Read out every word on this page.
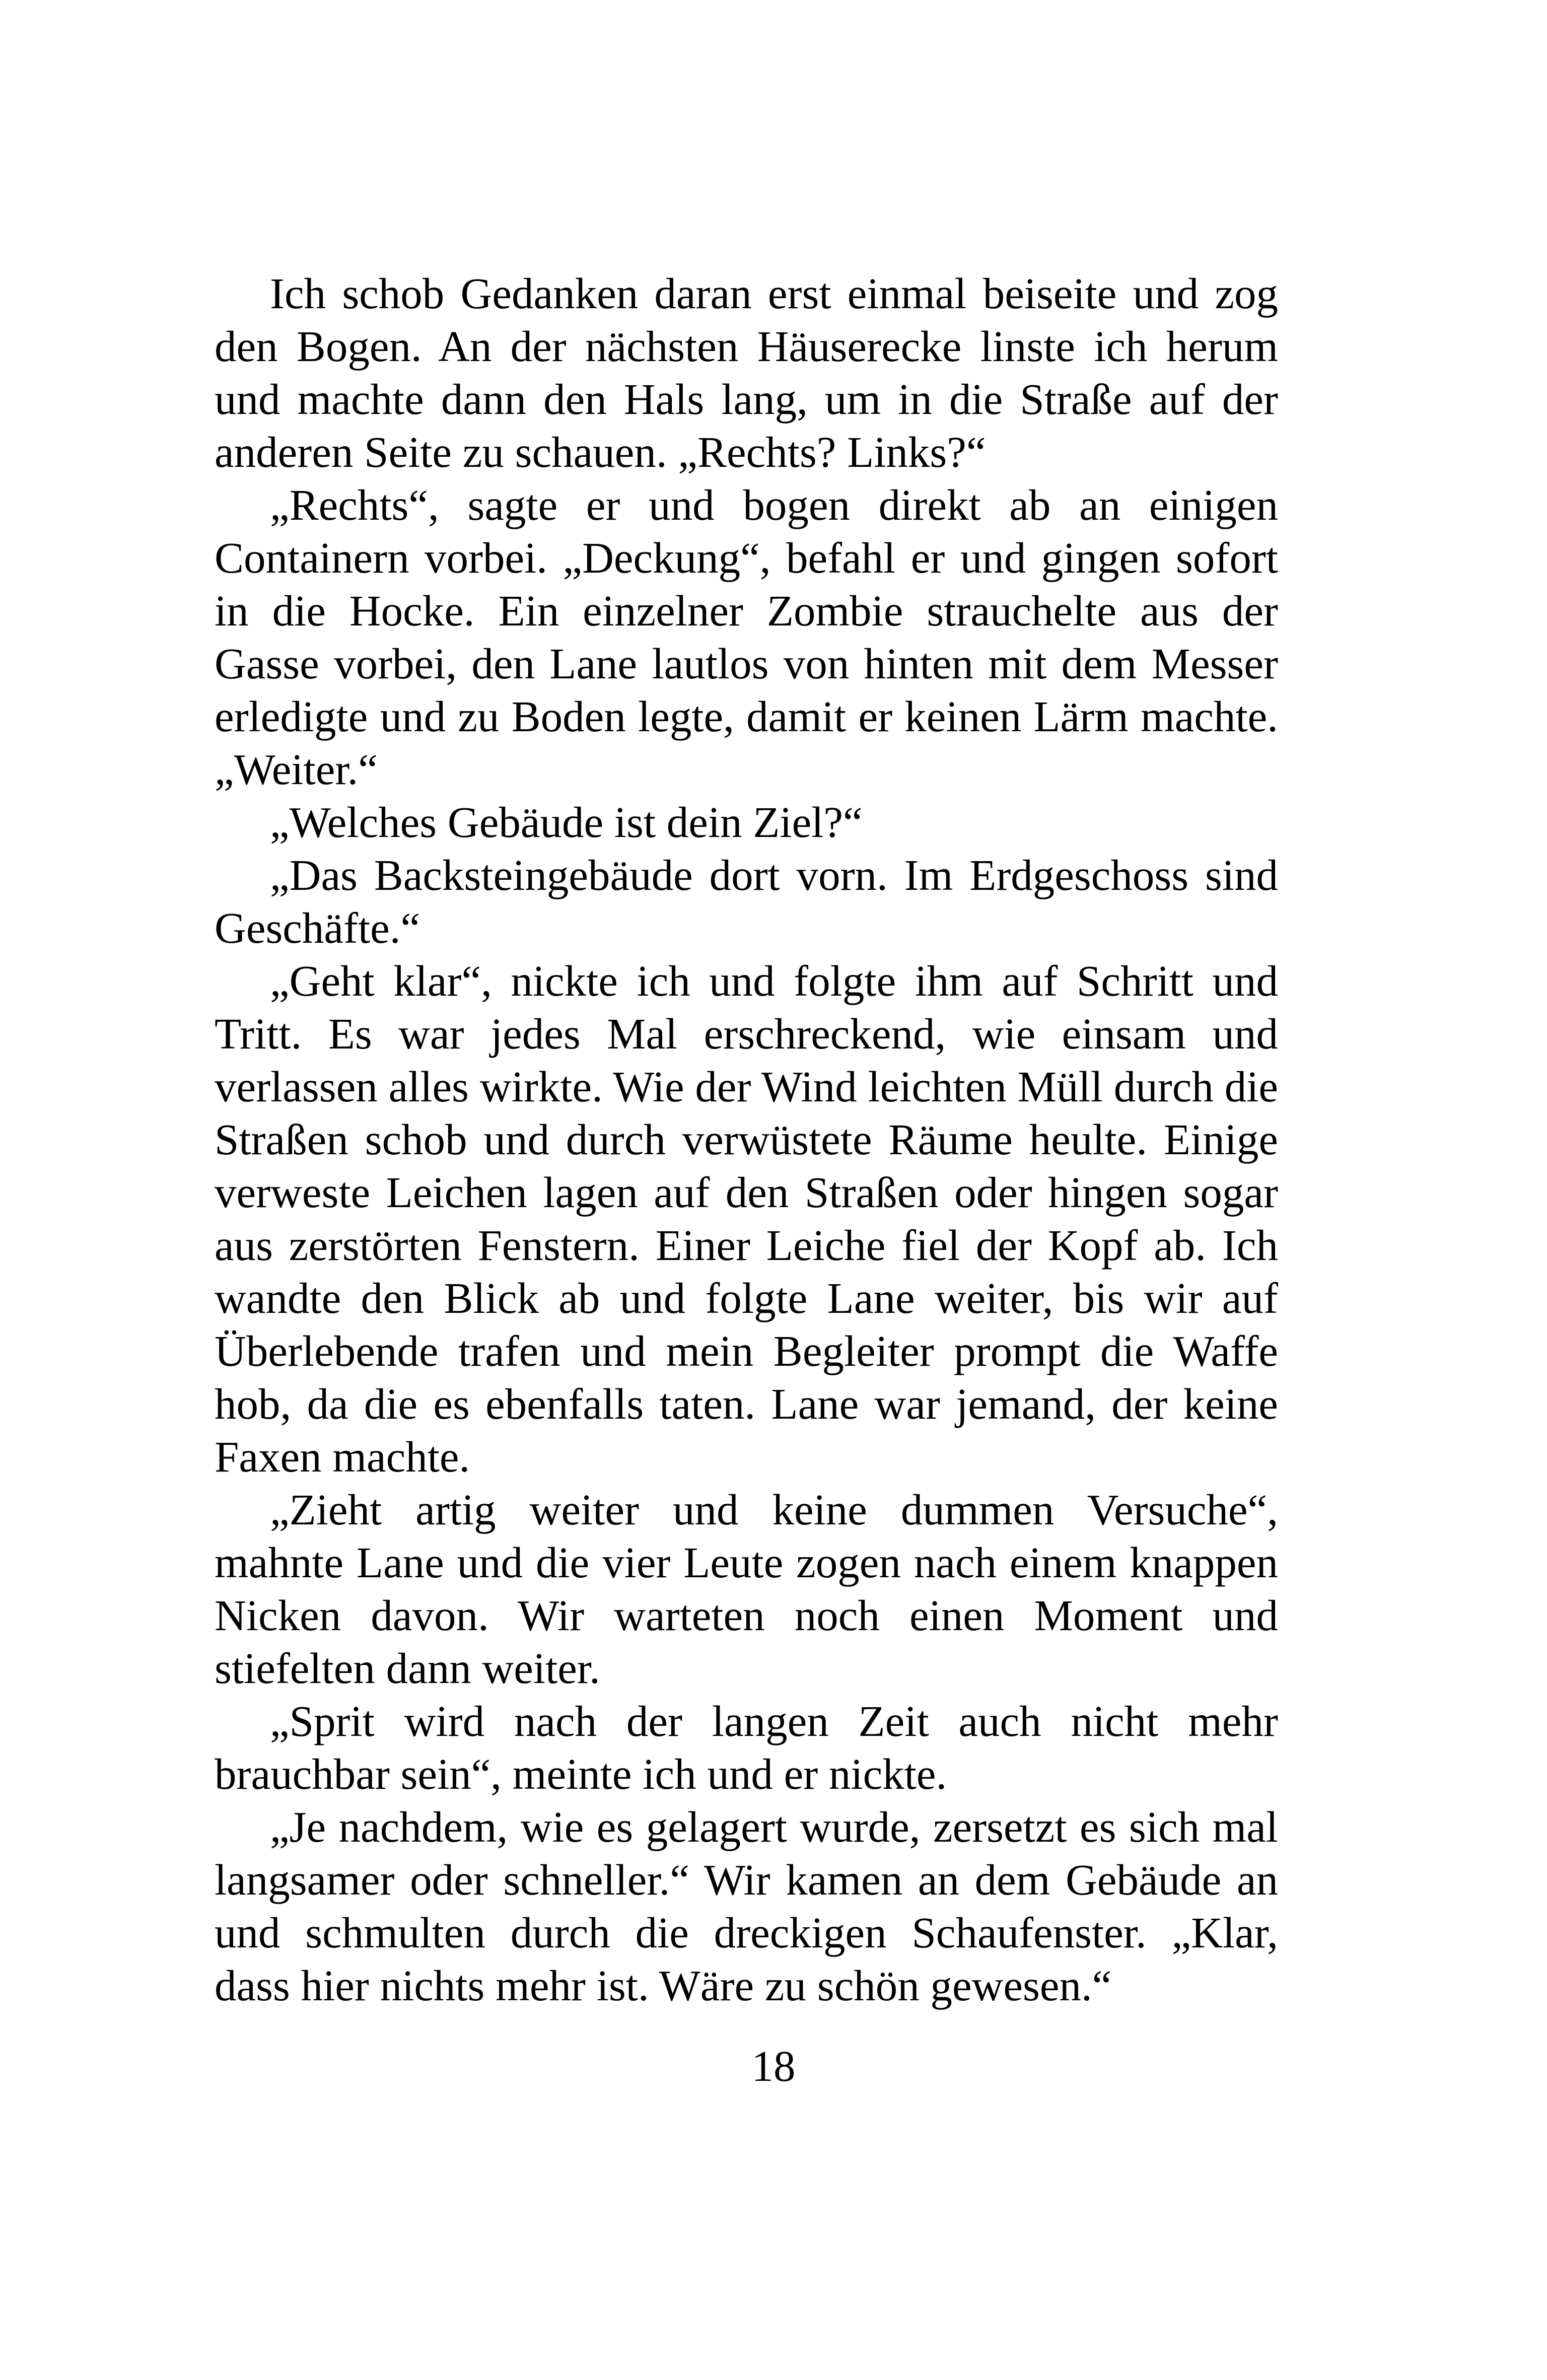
Ich schob Gedanken daran erst einmal beiseite und zog den Bogen. An der nächsten Häuserecke linste ich herum und machte dann den Hals lang, um in die Straße auf der anderen Seite zu schauen. „Rechts? Links?“

„Rechts“, sagte er und bogen direkt ab an einigen Containern vorbei. „Deckung“, befahl er und gingen sofort in die Hocke. Ein einzelner Zombie strauchelte aus der Gasse vorbei, den Lane lautlos von hinten mit dem Messer erledigte und zu Boden legte, damit er keinen Lärm machte. „Weiter.“

„Welches Gebäude ist dein Ziel?“

„Das Backsteingebäude dort vorn. Im Erdgeschoss sind Geschäfte.“

„Geht klar“, nickte ich und folgte ihm auf Schritt und Tritt. Es war jedes Mal erschreckend, wie einsam und verlassen alles wirkte. Wie der Wind leichten Müll durch die Straßen schob und durch verwüstete Räume heulte. Einige verweste Leichen lagen auf den Straßen oder hingen sogar aus zerstörten Fenstern. Einer Leiche fiel der Kopf ab. Ich wandte den Blick ab und folgte Lane weiter, bis wir auf Überlebende trafen und mein Begleiter prompt die Waffe hob, da die es ebenfalls taten. Lane war jemand, der keine Faxen machte.

„Zieht artig weiter und keine dummen Versuche“, mahnte Lane und die vier Leute zogen nach einem knappen Nicken davon. Wir warteten noch einen Moment und stiefelten dann weiter.

„Sprit wird nach der langen Zeit auch nicht mehr brauchbar sein“, meinte ich und er nickte.

„Je nachdem, wie es gelagert wurde, zersetzt es sich mal langsamer oder schneller.“ Wir kamen an dem Gebäude an und schmulten durch die dreckigen Schaufenster. „Klar, dass hier nichts mehr ist. Wäre zu schön gewesen.“

18
